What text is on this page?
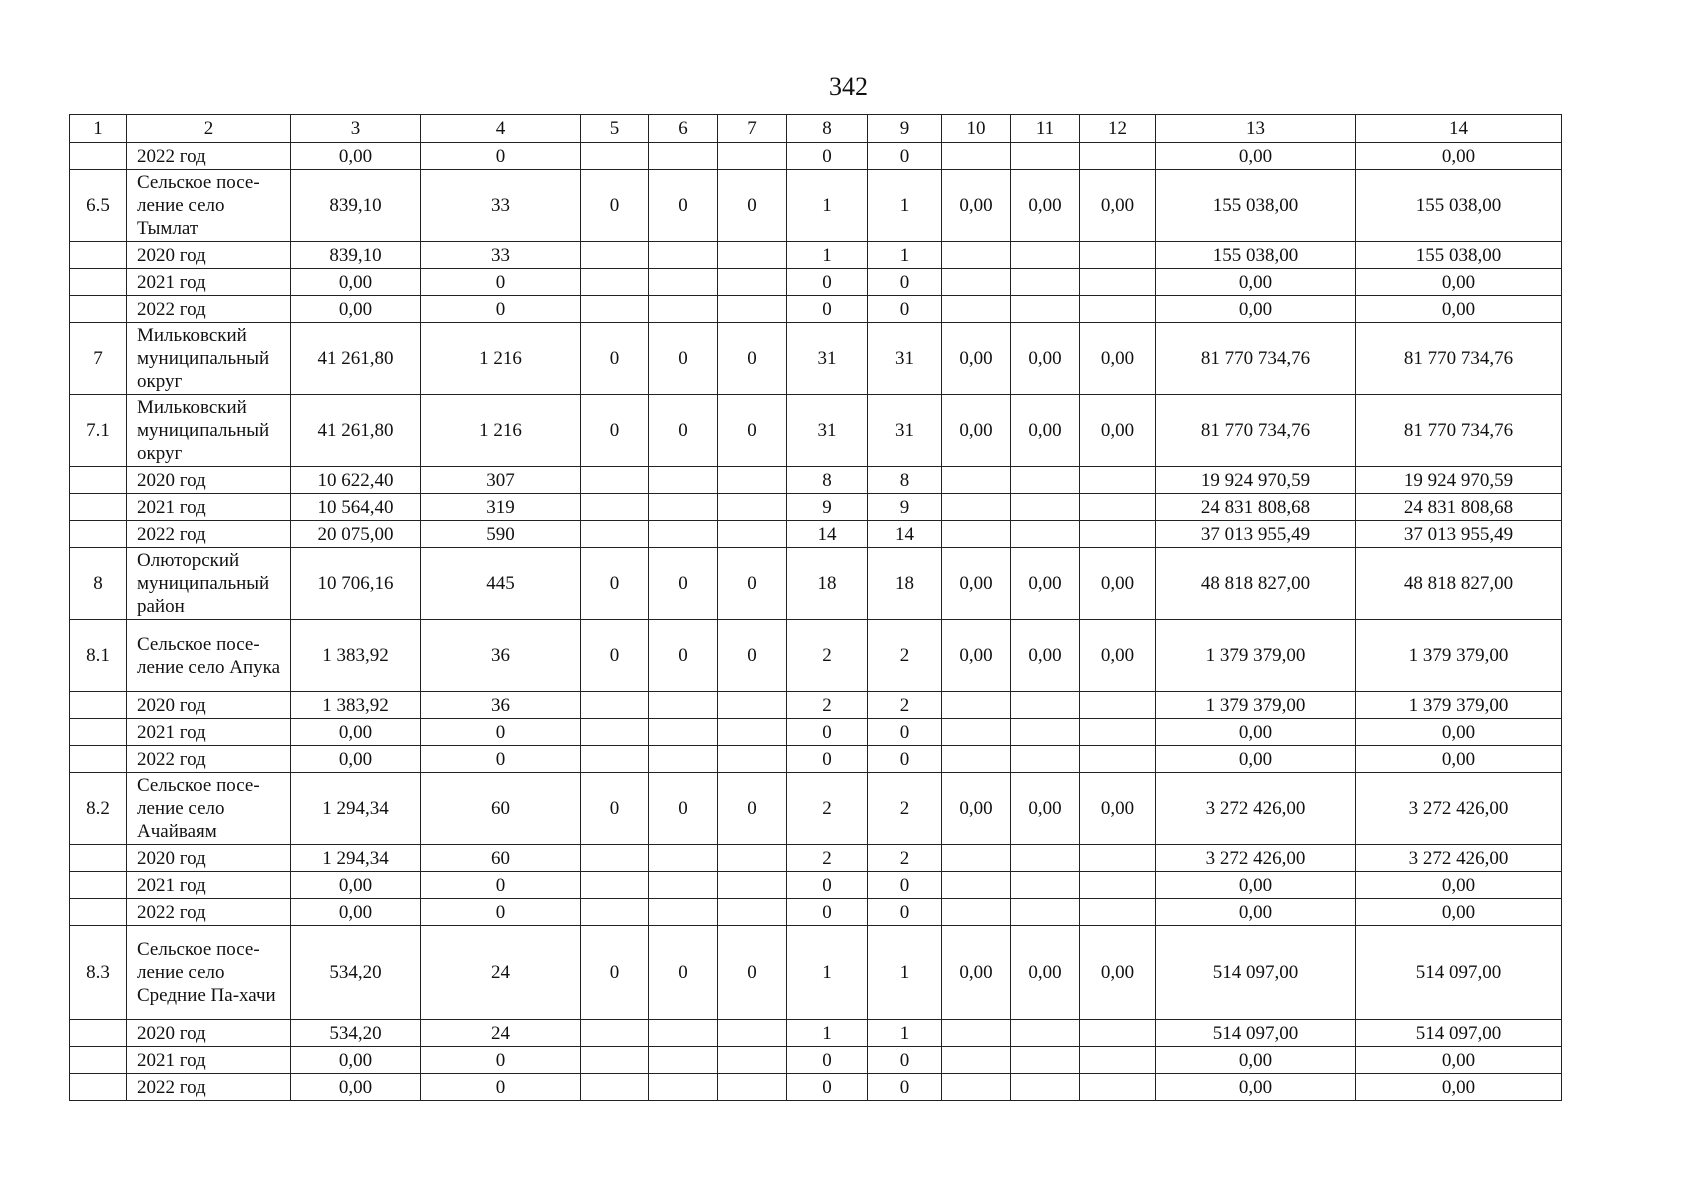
342
1	2	3	4	5	6	7	8	9	10	11	12	13	14
	2022 год	0,00	0				0	0				0,00	0,00
6.5	Сельское посе-ление село Тымлат	839,10	33	0	0	0	1	1	0,00	0,00	0,00	155 038,00	155 038,00
	2020 год	839,10	33				1	1				155 038,00	155 038,00
	2021 год	0,00	0				0	0				0,00	0,00
	2022 год	0,00	0				0	0				0,00	0,00
7	Мильковский муниципальный округ	41 261,80	1 216	0	0	0	31	31	0,00	0,00	0,00	81 770 734,76	81 770 734,76
7.1	Мильковский муниципальный округ	41 261,80	1 216	0	0	0	31	31	0,00	0,00	0,00	81 770 734,76	81 770 734,76
	2020 год	10 622,40	307				8	8				19 924 970,59	19 924 970,59
	2021 год	10 564,40	319				9	9				24 831 808,68	24 831 808,68
	2022 год	20 075,00	590				14	14				37 013 955,49	37 013 955,49
8	Олюторский муниципальный район	10 706,16	445	0	0	0	18	18	0,00	0,00	0,00	48 818 827,00	48 818 827,00
8.1	Сельское посе-ление село Апука	1 383,92	36	0	0	0	2	2	0,00	0,00	0,00	1 379 379,00	1 379 379,00
	2020 год	1 383,92	36				2	2				1 379 379,00	1 379 379,00
	2021 год	0,00	0				0	0				0,00	0,00
	2022 год	0,00	0				0	0				0,00	0,00
8.2	Сельское посе-ление село Ачайваям	1 294,34	60	0	0	0	2	2	0,00	0,00	0,00	3 272 426,00	3 272 426,00
	2020 год	1 294,34	60				2	2				3 272 426,00	3 272 426,00
	2021 год	0,00	0				0	0				0,00	0,00
	2022 год	0,00	0				0	0				0,00	0,00
8.3	Сельское посе-ление село Средние Па-хачи	534,20	24	0	0	0	1	1	0,00	0,00	0,00	514 097,00	514 097,00
	2020 год	534,20	24				1	1				514 097,00	514 097,00
	2021 год	0,00	0				0	0				0,00	0,00
	2022 год	0,00	0				0	0				0,00	0,00
